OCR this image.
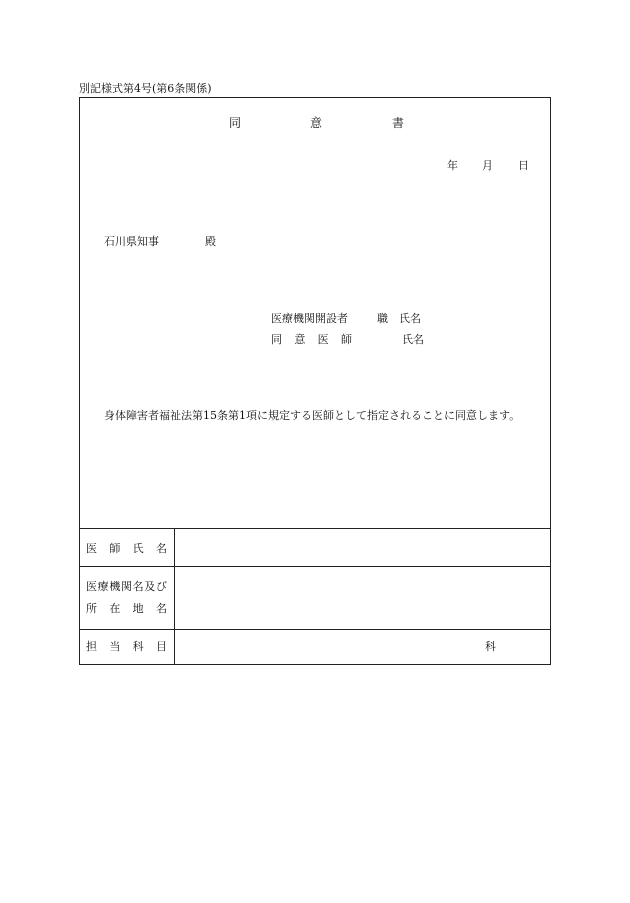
別記様式第4号(第6条関係)
同	意	書
年 月 日
石川県知事	殿
医療機関開設者	職　氏名
同 意 医 師	氏名
身体障害者福祉法第15条第1項に規定する医師として指定されることに同意します。
医 師 氏 名
医 療 機 関 名 及 び
所 在 地 名
担 当 科 目	科
